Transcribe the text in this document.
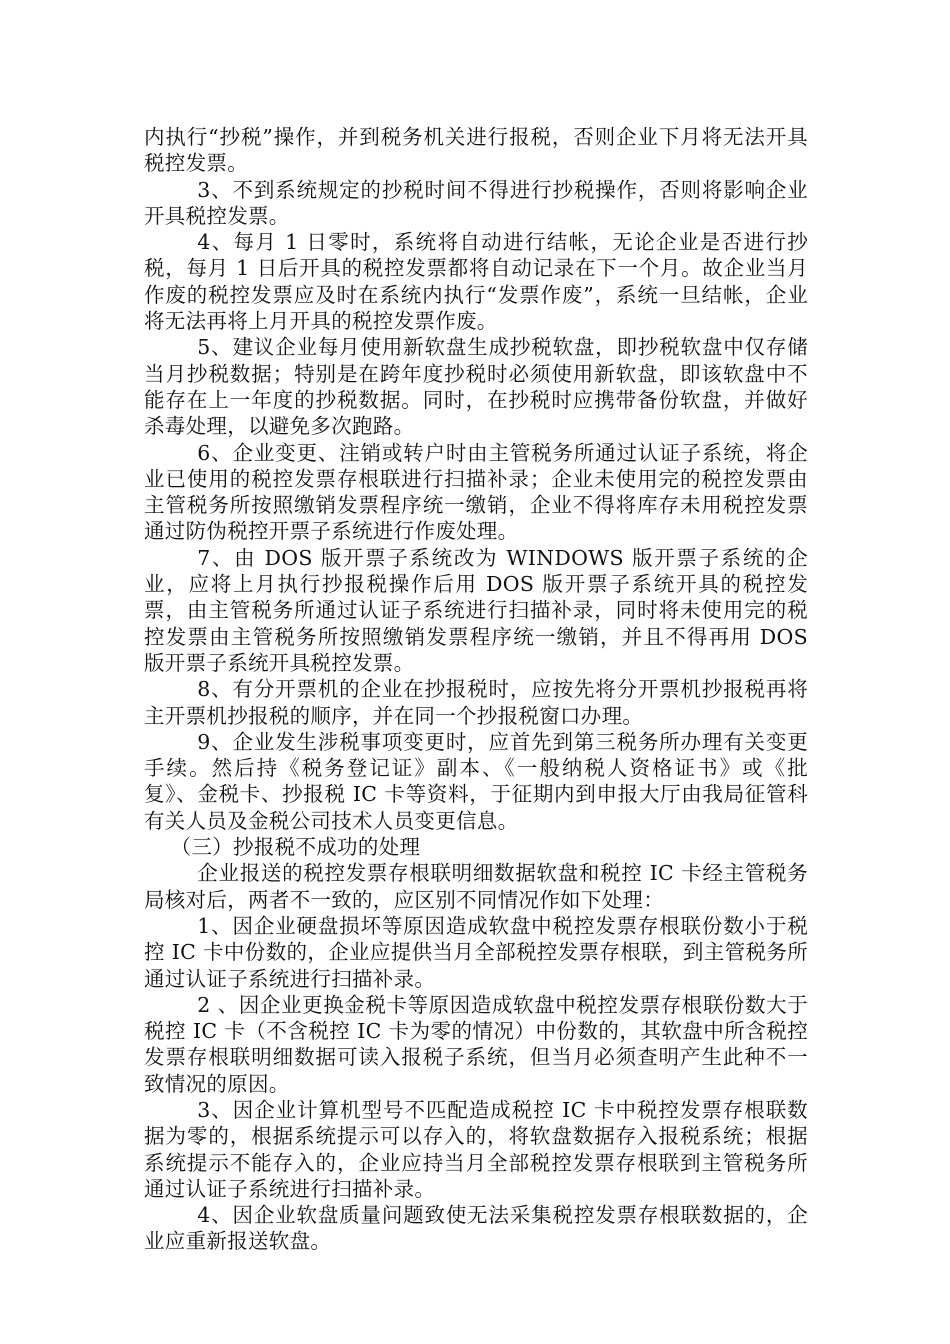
内执行“抄税”操作，并到税务机关进行报税，否则企业下月将无法开具税控发票。

3、不到系统规定的抄税时间不得进行抄税操作，否则将影响企业开具税控发票。

4、每月 1 日零时，系统将自动进行结帐，无论企业是否进行抄税，每月 1 日后开具的税控发票都将自动记录在下一个月。故企业当月作废的税控发票应及时在系统内执行“发票作废”，系统一旦结帐，企业将无法再将上月开具的税控发票作废。

5、建议企业每月使用新软盘生成抄税软盘，即抄税软盘中仅存储当月抄税数据；特别是在跨年度抄税时必须使用新软盘，即该软盘中不能存在上一年度的抄税数据。同时，在抄税时应携带备份软盘，并做好杀毒处理，以避免多次跑路。

6、企业变更、注销或转户时由主管税务所通过认证子系统，将企业已使用的税控发票存根联进行扫描补录；企业未使用完的税控发票由主管税务所按照缴销发票程序统一缴销，企业不得将库存未用税控发票通过防伪税控开票子系统进行作废处理。

7、由 DOS 版开票子系统改为 WINDOWS 版开票子系统的企业，应将上月执行抄报税操作后用 DOS 版开票子系统开具的税控发票，由主管税务所通过认证子系统进行扫描补录，同时将未使用完的税控发票由主管税务所按照缴销发票程序统一缴销，并且不得再用 DOS 版开票子系统开具税控发票。

8、有分开票机的企业在抄报税时，应按先将分开票机抄报税再将主开票机抄报税的顺序，并在同一个抄报税窗口办理。

9、企业发生涉税事项变更时，应首先到第三税务所办理有关变更手续。然后持《税务登记证》副本、《一般纳税人资格证书》或《批复》、金税卡、抄报税 IC 卡等资料，于征期内到申报大厅由我局征管科有关人员及金税公司技术人员变更信息。

（三）抄报税不成功的处理

企业报送的税控发票存根联明细数据软盘和税控 IC 卡经主管税务局核对后，两者不一致的，应区别不同情况作如下处理：

1、因企业硬盘损坏等原因造成软盘中税控发票存根联份数小于税控 IC 卡中份数的，企业应提供当月全部税控发票存根联，到主管税务所通过认证子系统进行扫描补录。

2 、因企业更换金税卡等原因造成软盘中税控发票存根联份数大于税控 IC 卡（不含税控 IC 卡为零的情况）中份数的，其软盘中所含税控发票存根联明细数据可读入报税子系统，但当月必须查明产生此种不一致情况的原因。

3、因企业计算机型号不匹配造成税控 IC 卡中税控发票存根联数据为零的，根据系统提示可以存入的，将软盘数据存入报税系统；根据系统提示不能存入的，企业应持当月全部税控发票存根联到主管税务所通过认证子系统进行扫描补录。

4、因企业软盘质量问题致使无法采集税控发票存根联数据的，企业应重新报送软盘。
